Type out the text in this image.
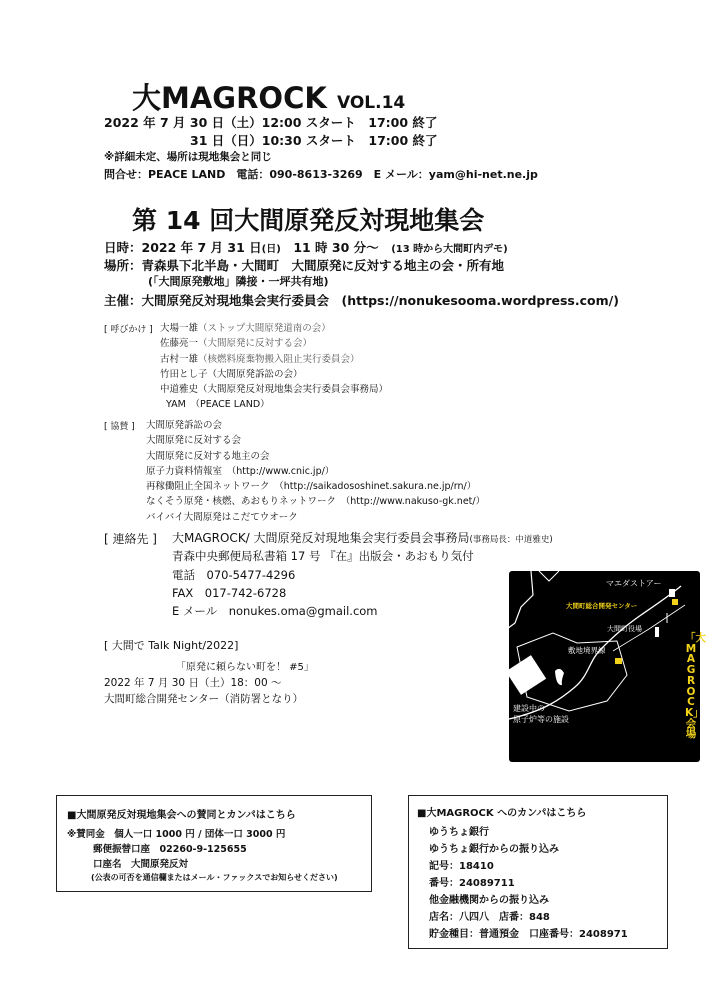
大MAGROCK VOL.14
2022 年 7 月 30 日（土）12:00 スタート　17:00 終了
31 日（日）10:30 スタート　17:00 終了
※詳細未定、場所は現地集会と同じ
問合せ：PEACE LAND　電話：090-8613-3269　E メール：yam@hi-net.ne.jp
第 14 回大間原発反対現地集会
日時：2022 年 7 月 31 日(日)　 11 時 30 分～　 (13 時から大間町内デモ)
場所：青森県下北半島・大間町　大間原発に反対する地主の会・所有地
(「大間原発敷地」隣接・一坪共有地)
主催：大間原発反対現地集会実行委員会　(https://nonukesooma.wordpress.com/)
[ 呼びかけ ] 大場一雄（ストップ大間原発道南の会）
佐藤亮一（大間原発に反対する会）
古村一雄（核燃料廃棄物搬入阻止実行委員会）
竹田とし子（大間原発訴訟の会）
中道雅史（大間原発反対現地集会実行委員会事務局）
YAM　 （PEACE LAND）
[ 協賛 ] 大間原発訴訟の会
大間原発に反対する会
大間原発に反対する地主の会
原子力資料情報室　（http://www.cnic.jp/）
再稼働阻止全国ネットワーク　（http://saikadososhinet.sakura.ne.jp/rn/）
なくそう原発・核燃、あおもりネットワーク　（http://www.nakuso-gk.net/）
バイバイ大間原発はこだてウオーク
[ 連絡先 ] 大MAGROCK/ 大間原発反対現地集会実行委員会事務局(事務局長：中道雅史)
青森中央郵便局私書箱 17 号 『在』出版会・あおもり気付
電話　070-5477-4296
FAX　017-742-6728
E メール　nonukes.oma@gmail.com
[ 大間で Talk Night/2022]
「原発に頼らない町を！ #5」
2022 年 7 月 30 日（土）18：00 ～
大間町総合開発センター（消防署となり）
マエダストアー
大間町総合開発センター
大間町役場
敷地境界線
建設中の
原子炉等の施設
「大MAGROCK」会場
■大間原発反対現地集会への賛同とカンパはこちら
※賛同金　個人一口 1000 円 / 団体一口 3000 円
郵便振替口座　02260-9-125655
口座名　大間原発反対
(公表の可否を通信欄またはメール・ファックスでお知らせください)
■大MAGROCK へのカンパはこちら
ゆうちょ銀行
ゆうちょ銀行からの振り込み
記号：18410
番号：24089711
他金融機関からの振り込み
店名：八四八　店番：848
貯金種目：普通預金　口座番号：2408971
